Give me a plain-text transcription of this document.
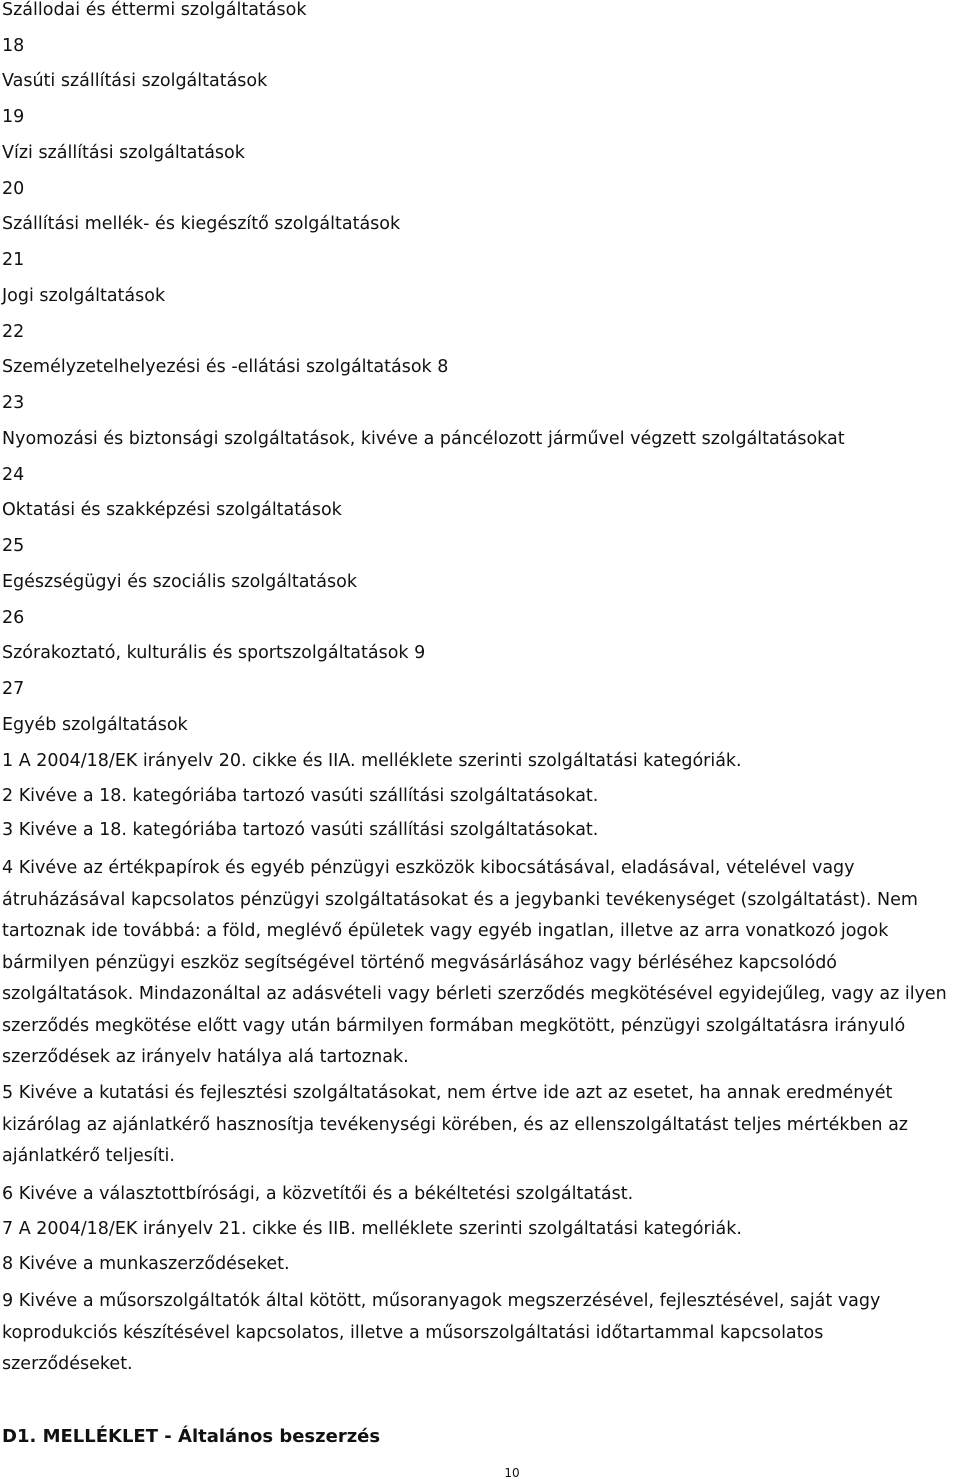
Szállodai és éttermi szolgáltatások
18
Vasúti szállítási szolgáltatások
19
Vízi szállítási szolgáltatások
20
Szállítási mellék- és kiegészítő szolgáltatások
21
Jogi szolgáltatások
22
Személyzetelhelyezési és -ellátási szolgáltatások 8
23
Nyomozási és biztonsági szolgáltatások, kivéve a páncélozott járművel végzett szolgáltatásokat
24
Oktatási és szakképzési szolgáltatások
25
Egészségügyi és szociális szolgáltatások
26
Szórakoztató, kulturális és sportszolgáltatások 9
27
Egyéb szolgáltatások
1 A 2004/18/EK irányelv 20. cikke és IIA. melléklete szerinti szolgáltatási kategóriák.
2 Kivéve a 18. kategóriába tartozó vasúti szállítási szolgáltatásokat.
3 Kivéve a 18. kategóriába tartozó vasúti szállítási szolgáltatásokat.
4 Kivéve az értékpapírok és egyéb pénzügyi eszközök kibocsátásával, eladásával, vételével vagy átruházásával kapcsolatos pénzügyi szolgáltatásokat és a jegybanki tevékenységet (szolgáltatást). Nem tartoznak ide továbbá: a föld, meglévő épületek vagy egyéb ingatlan, illetve az arra vonatkozó jogok bármilyen pénzügyi eszköz segítségével történő megvásárlásához vagy bérléséhez kapcsolódó szolgáltatások. Mindazonáltal az adásvételi vagy bérleti szerződés megkötésével egyidejűleg, vagy az ilyen szerződés megkötése előtt vagy után bármilyen formában megkötött, pénzügyi szolgáltatásra irányuló szerződések az irányelv hatálya alá tartoznak.
5 Kivéve a kutatási és fejlesztési szolgáltatásokat, nem értve ide azt az esetet, ha annak eredményét kizárólag az ajánlatkérő hasznosítja tevékenységi körében, és az ellenszolgáltatást teljes mértékben az ajánlatkérő teljesíti.
6 Kivéve a választottbírósági, a közvetítői és a békéltetési szolgáltatást.
7 A 2004/18/EK irányelv 21. cikke és IIB. melléklete szerinti szolgáltatási kategóriák.
8 Kivéve a munkaszerződéseket.
9 Kivéve a műsorszolgáltatók által kötött, műsoranyagok megszerzésével, fejlesztésével, saját vagy koprodukciós készítésével kapcsolatos, illetve a műsorszolgáltatási időtartammal kapcsolatos szerződéseket.
D1. MELLÉKLET - Általános beszerzés
10
